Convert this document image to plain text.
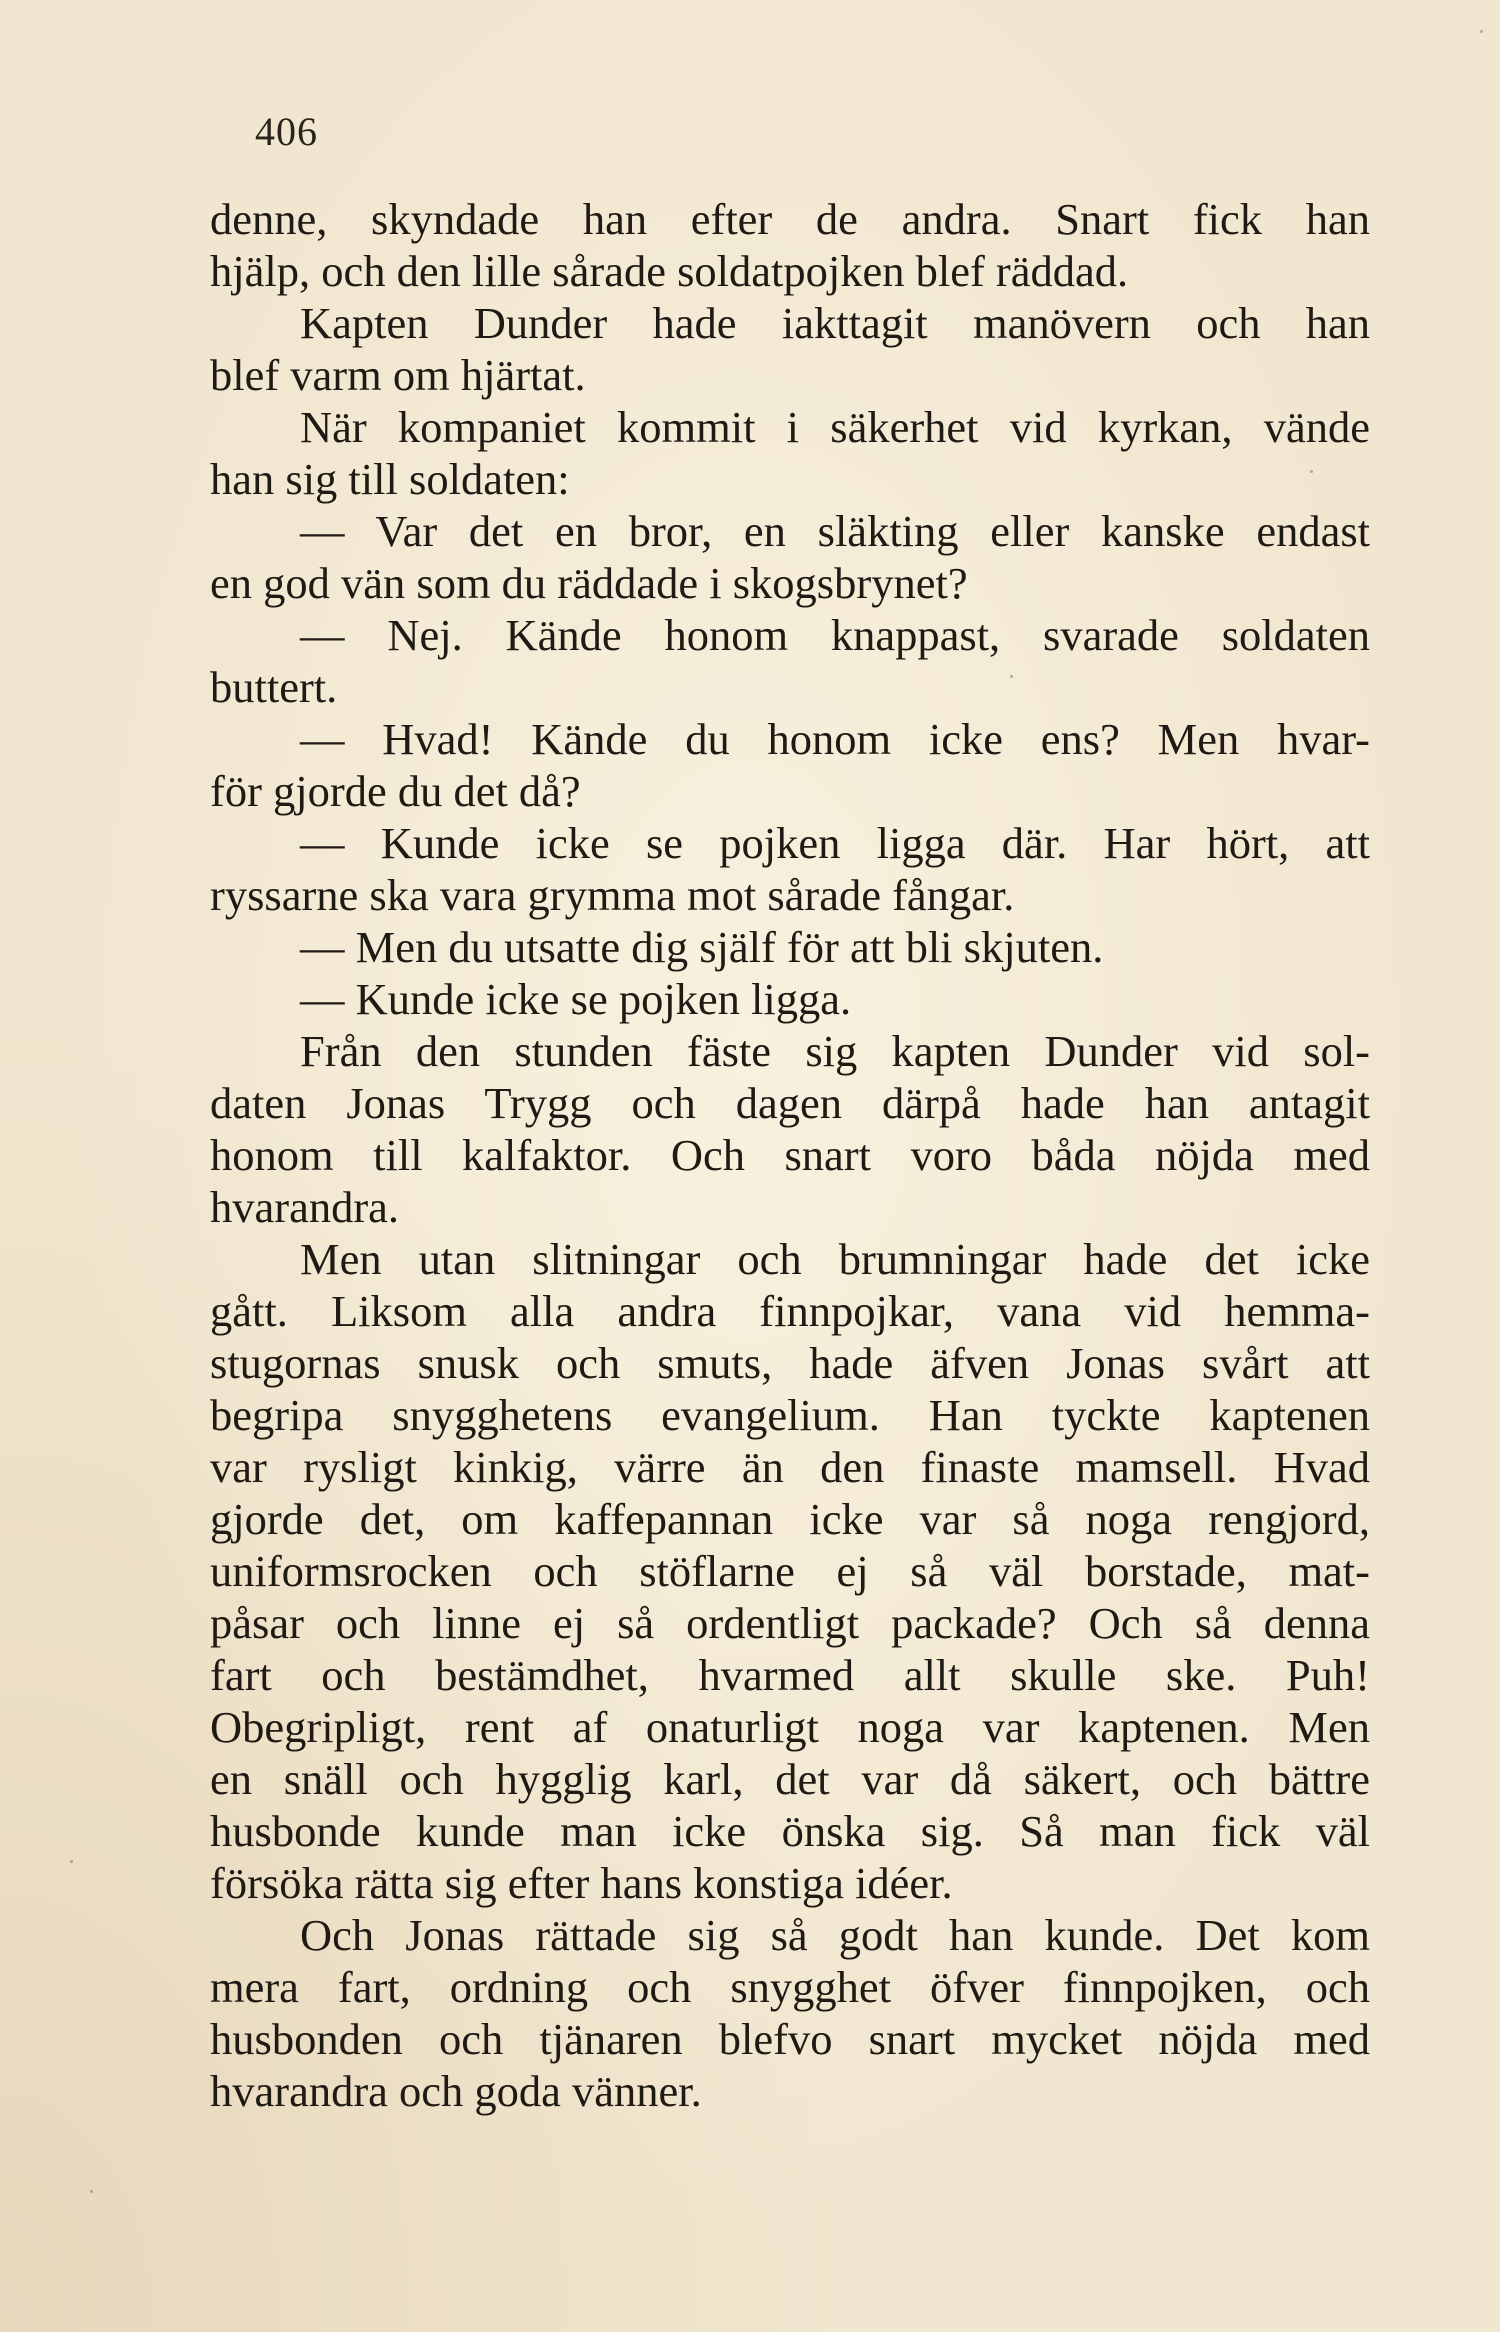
406
denne, skyndade han efter de andra. Snart fick han
hjälp, och den lille sårade soldatpojken blef räddad.
Kapten Dunder hade iakttagit manövern och han
blef varm om hjärtat.
När kompaniet kommit i säkerhet vid kyrkan, vände
han sig till soldaten:
— Var det en bror, en släkting eller kanske endast
en god vän som du räddade i skogsbrynet?
— Nej. Kände honom knappast, svarade soldaten
buttert.
— Hvad! Kände du honom icke ens? Men hvar-
för gjorde du det då?
— Kunde icke se pojken ligga där. Har hört, att
ryssarne ska vara grymma mot sårade fångar.
— Men du utsatte dig själf för att bli skjuten.
— Kunde icke se pojken ligga.
Från den stunden fäste sig kapten Dunder vid sol-
daten Jonas Trygg och dagen därpå hade han antagit
honom till kalfaktor. Och snart voro båda nöjda med
hvarandra.
Men utan slitningar och brumningar hade det icke
gått. Liksom alla andra finnpojkar, vana vid hemma-
stugornas snusk och smuts, hade äfven Jonas svårt att
begripa snygghetens evangelium. Han tyckte kaptenen
var rysligt kinkig, värre än den finaste mamsell. Hvad
gjorde det, om kaffepannan icke var så noga rengjord,
uniformsrocken och stöflarne ej så väl borstade, mat-
påsar och linne ej så ordentligt packade? Och så denna
fart och bestämdhet, hvarmed allt skulle ske. Puh!
Obegripligt, rent af onaturligt noga var kaptenen. Men
en snäll och hygglig karl, det var då säkert, och bättre
husbonde kunde man icke önska sig. Så man fick väl
försöka rätta sig efter hans konstiga idéer.
Och Jonas rättade sig så godt han kunde. Det kom
mera fart, ordning och snygghet öfver finnpojken, och
husbonden och tjänaren blefvo snart mycket nöjda med
hvarandra och goda vänner.
